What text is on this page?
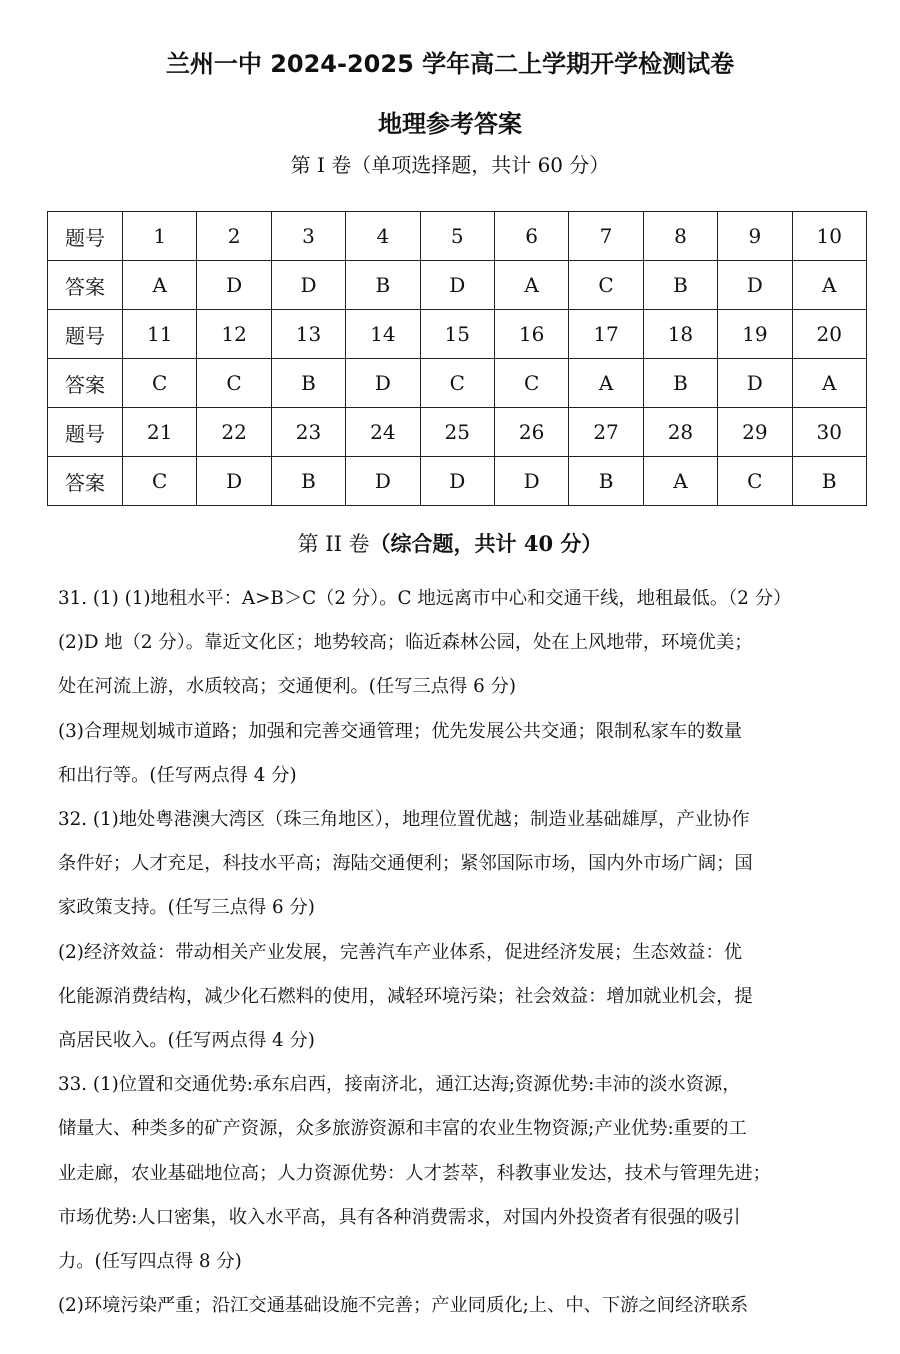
兰州一中 2024-2025 学年高二上学期开学检测试卷
地理参考答案
第 I 卷（单项选择题，共计 60 分）
题号	1	2	3	4	5	6	7	8	9	10
答案	A	D	D	B	D	A	C	B	D	A
题号	11	12	13	14	15	16	17	18	19	20
答案	C	C	B	D	C	C	A	B	D	A
题号	21	22	23	24	25	26	27	28	29	30
答案	C	D	B	D	D	D	B	A	C	B
第 II 卷（综合题，共计 40 分）

31. (1) (1)地租水平：A>B＞C（2 分）。C 地远离市中心和交通干线，地租最低。（2 分）

(2)D 地（2 分）。靠近文化区；地势较高；临近森林公园，处在上风地带，环境优美；

处在河流上游，水质较高；交通便利。(任写三点得 6 分)

(3)合理规划城市道路；加强和完善交通管理；优先发展公共交通；限制私家车的数量

和出行等。(任写两点得 4 分)

32. (1)地处粤港澳大湾区（珠三角地区），地理位置优越；制造业基础雄厚，产业协作

条件好；人才充足，科技水平高；海陆交通便利；紧邻国际市场，国内外市场广阔；国

家政策支持。(任写三点得 6 分)

(2)经济效益：带动相关产业发展，完善汽车产业体系，促进经济发展；生态效益：优

化能源消费结构，减少化石燃料的使用，减轻环境污染；社会效益：增加就业机会，提

高居民收入。(任写两点得 4 分)

33. (1)位置和交通优势:承东启西，接南济北，通江达海;资源优势:丰沛的淡水资源，

储量大、种类多的矿产资源，众多旅游资源和丰富的农业生物资源;产业优势:重要的工

业走廊，农业基础地位高；人力资源优势：人才荟萃，科教事业发达，技术与管理先进；

市场优势:人口密集，收入水平高，具有各种消费需求，对国内外投资者有很强的吸引

力。(任写四点得 8 分)

(2)环境污染严重；沿江交通基础设施不完善；产业同质化;上、中、下游之间经济联系
